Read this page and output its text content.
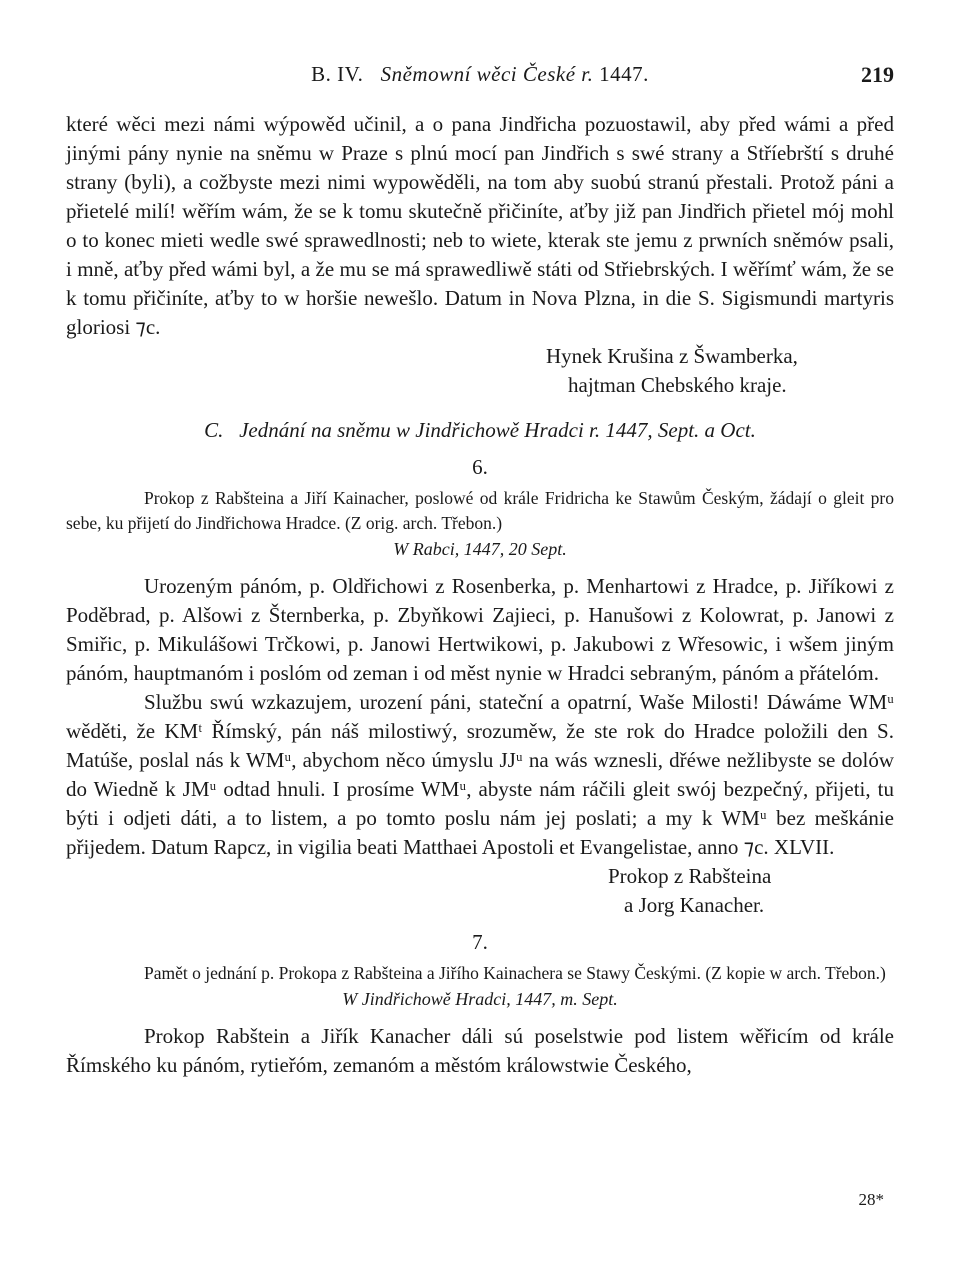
B. IV. Sněmowní wěci České r. 1447.	219

které wěci mezi námi wýpowěd učinil, a o pana Jindřicha pozuostawil, aby před wámi a před jinými pány nynie na sněmu w Praze s plnú mocí pan Jindřich s swé strany a Stříebrští s druhé strany (byli), a cožbyste mezi nimi wypowěděli, na tom aby suobú stranú přestali. Protož páni a přietelé milí! wěřím wám, že se k tomu skutečně přičiníte, aťby již pan Jindřich přietel mój mohl o to konec mieti wedle swé sprawedlnosti; neb to wiete, kterak ste jemu z prwních sněmów psali, i mně, aťby před wámi byl, a že mu se má sprawedliwě státi od Střiebrských. I wěřímť wám, že se k tomu přičiníte, aťby to w horšie newešlo. Datum in Nova Plzna, in die S. Sigismundi martyris gloriosi ⁊c.

Hynek Krušina z Šwamberka,
hajtman Chebského kraje.
C. Jednání na sněmu w Jindřichowě Hradci r. 1447, Sept. a Oct.
6.

Prokop z Rabšteina a Jiří Kainacher, poslowé od krále Fridricha ke Stawům Českým, žádají o gleit pro sebe, ku přijetí do Jindřichowa Hradce. (Z orig. arch. Třebon.)

W Rabci, 1447, 20 Sept.

Urozeným pánóm, p. Oldřichowi z Rosenberka, p. Menhartowi z Hradce, p. Jiříkowi z Poděbrad, p. Alšowi z Šternberka, p. Zbyňkowi Zajieci, p. Hanušowi z Kolowrat, p. Janowi z Smiřic, p. Mikulášowi Trčkowi, p. Janowi Hertwikowi, p. Jakubowi z Wřesowic, i wšem jiným pánóm, hauptmanóm i poslóm od zeman i od měst nynie w Hradci sebraným, pánóm a přátelóm.

Službu swú wzkazujem, urození páni, stateční a opatrní, Waše Milosti! Dáwáme WMᵘ wěděti, že KMᵗ Římský, pán náš milostiwý, srozuměw, že ste rok do Hradce položili den S. Matúše, poslal nás k WMᵘ, abychom něco úmyslu JJᵘ na wás wznesli, dřéwe nežlibyste se dolów do Wiedně k JMᵘ odtad hnuli. I prosíme WMᵘ, abyste nám ráčili gleit swój bezpečný, přijeti, tu býti i odjeti dáti, a to listem, a po tomto poslu nám jej poslati; a my k WMᵘ bez meškánie přijedem. Datum Rapcz, in vigilia beati Matthaei Apostoli et Evangelistae, anno ⁊c. XLVII.

Prokop z Rabšteina
a Jorg Kanacher.
7.

Pamět o jednání p. Prokopa z Rabšteina a Jiřího Kainachera se Stawy Českými. (Z kopie w arch. Třebon.)

W Jindřichowě Hradci, 1447, m. Sept.

Prokop Rabštein a Jiřík Kanacher dáli sú poselstwie pod listem wěřicím od krále Římského ku pánóm, rytieřóm, zemanóm a městóm králowstwie Českého,

28*
